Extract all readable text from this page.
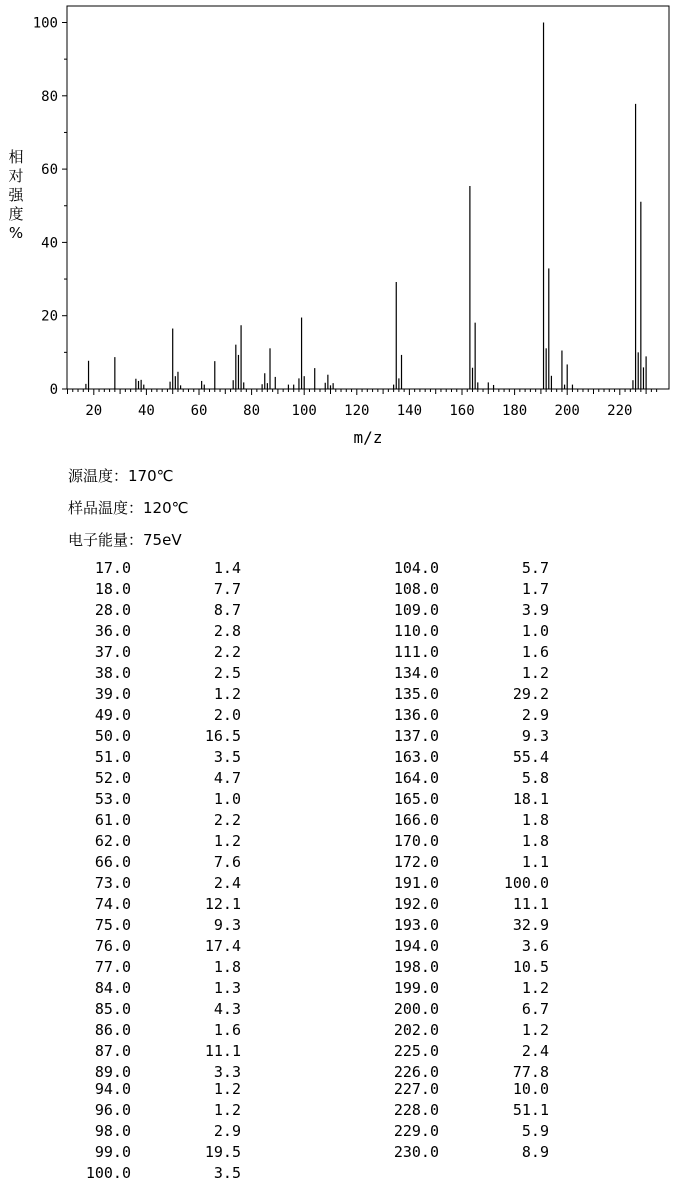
0
20
40
60
80
100
20	40	60	80 100 120 140 160 180 200 220
m/z
相
对
强
度
%
源温度：170℃
样品温度：120℃
电子能量：75eV
17.0	1.4
18.0	7.7
28.0	8.7
36.0	2.8
37.0	2.2
38.0	2.5
39.0	1.2
49.0	2.0
50.0	16.5
51.0	3.5
52.0	4.7
53.0	1.0
61.0	2.2
62.0	1.2
66.0	7.6
73.0	2.4
74.0	12.1
75.0	9.3
76.0	17.4
77.0	1.8
84.0	1.3
85.0	4.3
86.0	1.6
87.0	11.1
89.0	3.3
94.0	1.2
96.0	1.2
98.0	2.9
99.0	19.5
100.0	3.5
104.0	5.7
108.0	1.7
109.0	3.9
110.0	1.0
111.0	1.6
134.0	1.2
135.0	29.2
136.0	2.9
137.0	9.3
163.0	55.4
164.0	5.8
165.0	18.1
166.0	1.8
170.0	1.8
172.0	1.1
191.0	100.0
192.0	11.1
193.0	32.9
194.0	3.6
198.0	10.5
199.0	1.2
200.0	6.7
202.0	1.2
225.0	2.4
226.0	77.8
227.0	10.0
228.0	51.1
229.0	5.9
230.0	8.9
